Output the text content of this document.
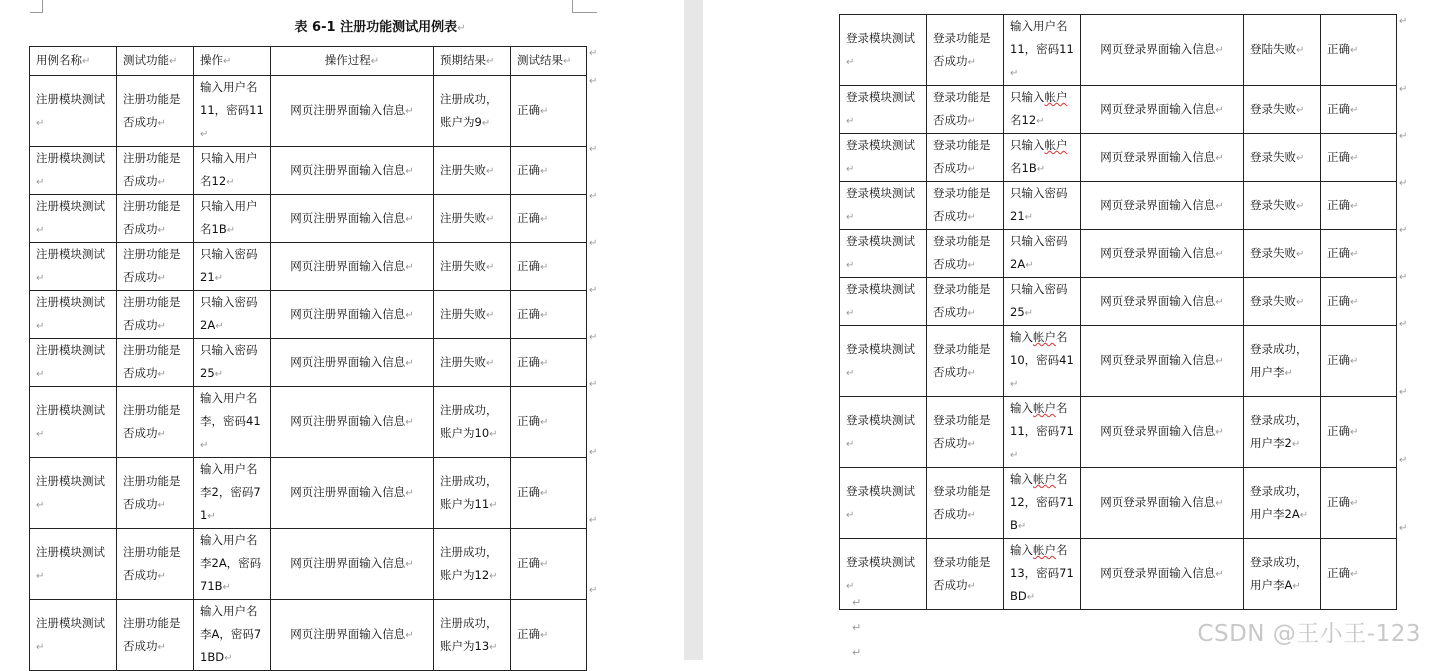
表 6-1 注册功能测试用例表↵
用例名称↵	测试功能↵	操作↵	操作过程↵	预期结果↵	测试结果↵
注册模块测试↵	注册功能是否成功↵	输入用户名11，密码11↵	网页注册界面输入信息↵	注册成功，账户为9↵	正确↵
注册模块测试↵	注册功能是否成功↵	只输入用户名12↵	网页注册界面输入信息↵	注册失败↵	正确↵
注册模块测试↵	注册功能是否成功↵	只输入用户名1B↵	网页注册界面输入信息↵	注册失败↵	正确↵
注册模块测试↵	注册功能是否成功↵	只输入密码21↵	网页注册界面输入信息↵	注册失败↵	正确↵
注册模块测试↵	注册功能是否成功↵	只输入密码2A↵	网页注册界面输入信息↵	注册失败↵	正确↵
注册模块测试↵	注册功能是否成功↵	只输入密码25↵	网页注册界面输入信息↵	注册失败↵	正确↵
注册模块测试↵	注册功能是否成功↵	输入用户名李，密码41↵	网页注册界面输入信息↵	注册成功，账户为10↵	正确↵
注册模块测试↵	注册功能是否成功↵	输入用户名李2，密码71↵	网页注册界面输入信息↵	注册成功，账户为11↵	正确↵
注册模块测试↵	注册功能是否成功↵	输入用户名李2A，密码71B↵	网页注册界面输入信息↵	注册成功，账户为12↵	正确↵
注册模块测试↵	注册功能是否成功↵	输入用户名李A，密码71BD↵	网页注册界面输入信息↵	注册成功，账户为13↵	正确↵
↵
↵
↵
↵
↵
↵
↵
↵
↵
↵
↵
登录模块测试↵	登录功能是否成功↵	输入用户名11，密码11↵	网页登录界面输入信息↵	登陆失败↵	正确↵
登录模块测试↵	登录功能是否成功↵	只输入帐户名12↵	网页登录界面输入信息↵	登录失败↵	正确↵
登录模块测试↵	登录功能是否成功↵	只输入帐户名1B↵	网页登录界面输入信息↵	登录失败↵	正确↵
登录模块测试↵	登录功能是否成功↵	只输入密码21↵	网页登录界面输入信息↵	登录失败↵	正确↵
登录模块测试↵	登录功能是否成功↵	只输入密码2A↵	网页登录界面输入信息↵	登录失败↵	正确↵
登录模块测试↵	登录功能是否成功↵	只输入密码25↵	网页登录界面输入信息↵	登录失败↵	正确↵
登录模块测试↵	登录功能是否成功↵	输入帐户名10，密码41↵	网页登录界面输入信息↵	登录成功，用户李↵	正确↵
登录模块测试↵	登录功能是否成功↵	输入帐户名11，密码71↵	网页登录界面输入信息↵	登录成功，用户李2↵	正确↵
登录模块测试↵	登录功能是否成功↵	输入帐户名12，密码71B↵	网页登录界面输入信息↵	登录成功，用户李2A↵	正确↵
登录模块测试↵	登录功能是否成功↵	输入帐户名13，密码71BD↵	网页登录界面输入信息↵	登录成功，用户李A↵	正确↵
↵
↵
↵
↵
↵
↵
↵
↵
↵
↵
↵
↵
↵
CSDN @王小王-123
